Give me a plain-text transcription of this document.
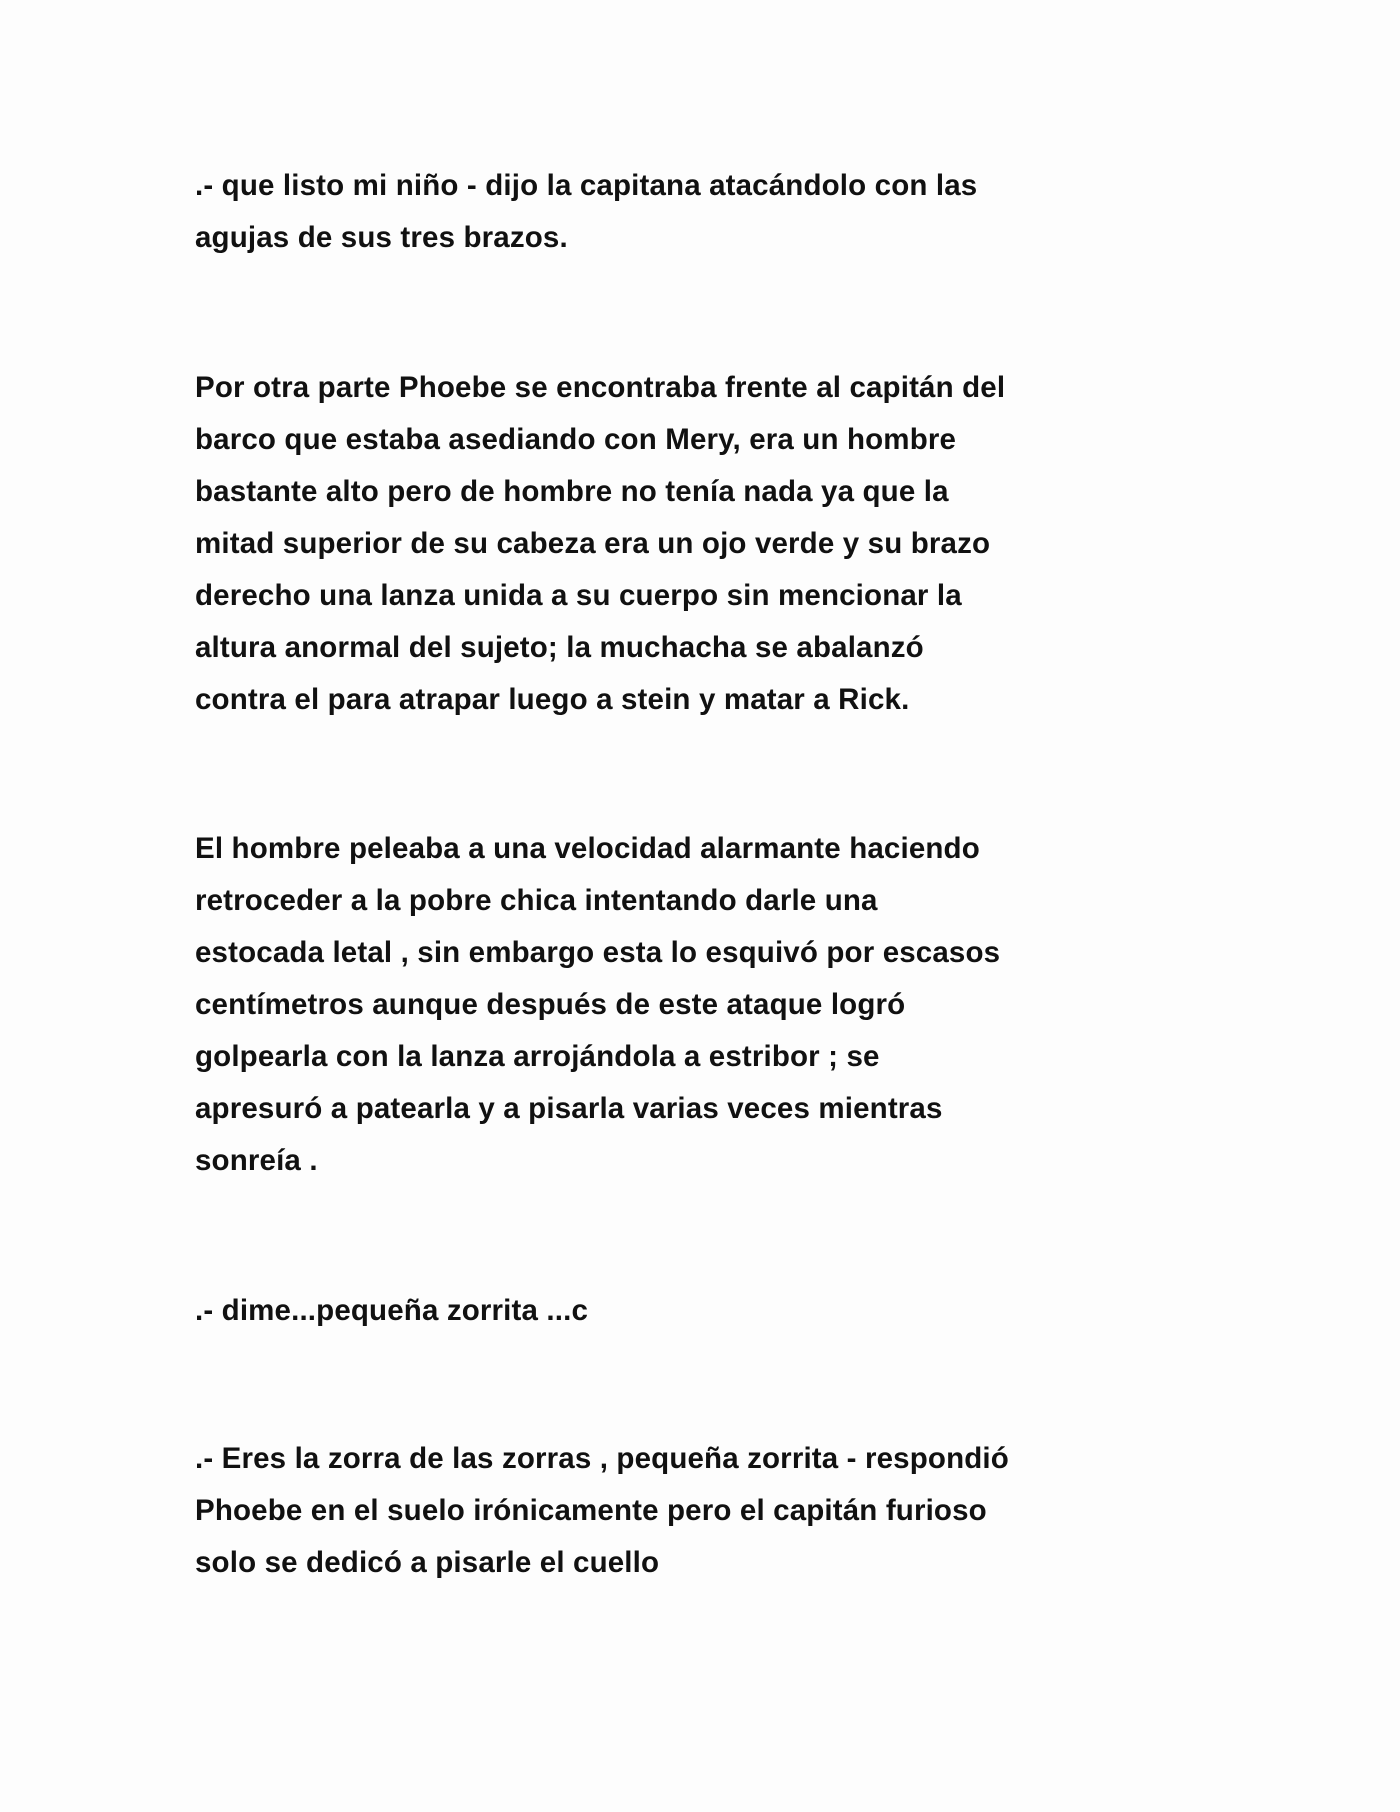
.- que listo mi niño - dijo la capitana atacándolo con las
agujas de sus tres brazos.

Por otra parte Phoebe se encontraba frente al capitán del
barco que estaba asediando con Mery, era un hombre
bastante alto pero de hombre no tenía nada ya que la
mitad superior de su cabeza era un ojo verde y su brazo
derecho una lanza unida a su cuerpo sin mencionar la
altura anormal del sujeto; la muchacha se abalanzó
contra el para atrapar luego a stein y matar a Rick.

El hombre peleaba a una velocidad alarmante haciendo
retroceder a la pobre chica intentando darle una
estocada letal , sin embargo esta lo esquivó por escasos
centímetros aunque después de este ataque logró
golpearla con la lanza arrojándola a estribor ; se
apresuró a patearla y a pisarla varias veces mientras
sonreía .

.- dime...pequeña zorrita ...c

.- Eres la zorra de las zorras , pequeña zorrita - respondió
Phoebe en el suelo irónicamente pero el capitán furioso
solo se dedicó a pisarle el cuello
